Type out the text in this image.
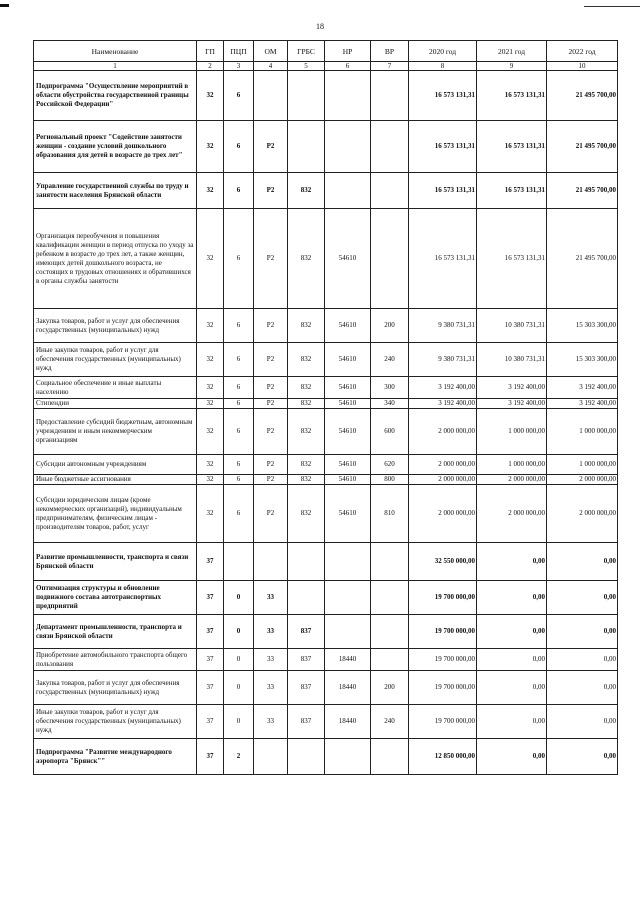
18
Наименование	ГП	ПЦП	ОМ	ГРБС	НР	ВР	2020 год	2021 год	2022 год
1	2	3	4	5	6	7	8	9	10
Подпрограмма "Осуществление мероприятий в области обустройства государственной границы Российской Федерации"	32	6					16 573 131,31	16 573 131,31	21 495 700,00
Региональный проект "Содействие занятости женщин - создание условий дошкольного образования для детей в возрасте до трех лет"	32	6	Р2				16 573 131,31	16 573 131,31	21 495 700,00
Управление государственной службы по труду и занятости населения Брянской области	32	6	Р2	832			16 573 131,31	16 573 131,31	21 495 700,00
Организация переобучения и повышения квалификации женщин в период отпуска по уходу за ребенком в возрасте до трех лет, а также женщин, имеющих детей дошкольного возраста, не состоящих в трудовых отношениях и обратившихся в органы службы занятости	32	6	Р2	832	54610		16 573 131,31	16 573 131,31	21 495 700,00
Закупка товаров, работ и услуг для обеспечения государственных (муниципальных) нужд	32	6	Р2	832	54610	200	9 380 731,31	10 380 731,31	15 303 300,00
Иные закупки товаров, работ и услуг для обеспечения государственных (муниципальных) нужд	32	6	Р2	832	54610	240	9 380 731,31	10 380 731,31	15 303 300,00
Социальное обеспечение и иные выплаты населению	32	6	Р2	832	54610	300	3 192 400,00	3 192 400,00	3 192 400,00
Стипендии	32	6	Р2	832	54610	340	3 192 400,00	3 192 400,00	3 192 400,00
Предоставление субсидий бюджетным, автономным учреждениям и иным некоммерческим организациям	32	6	Р2	832	54610	600	2 000 000,00	1 000 000,00	1 000 000,00
Субсидии автономным учреждениям	32	6	Р2	832	54610	620	2 000 000,00	1 000 000,00	1 000 000,00
Иные бюджетные ассигнования	32	6	Р2	832	54610	800	2 000 000,00	2 000 000,00	2 000 000,00
Субсидии юридическим лицам (кроме некоммерческих организаций), индивидуальным предпринимателям, физическим лицам - производителям товаров, работ, услуг	32	6	Р2	832	54610	810	2 000 000,00	2 000 000,00	2 000 000,00
Развитие промышленности, транспорта и связи Брянской области	37						32 550 000,00	0,00	0,00
Оптимизация структуры и обновление подвижного состава автотранспортных предприятий	37	0	33				19 700 000,00	0,00	0,00
Департамент промышленности, транспорта и связи Брянской области	37	0	33	837			19 700 000,00	0,00	0,00
Приобретение автомобильного транспорта общего пользования	37	0	33	837	18440		19 700 000,00	0,00	0,00
Закупка товаров, работ и услуг для обеспечения государственных (муниципальных) нужд	37	0	33	837	18440	200	19 700 000,00	0,00	0,00
Иные закупки товаров, работ и услуг для обеспечения государственных (муниципальных) нужд	37	0	33	837	18440	240	19 700 000,00	0,00	0,00
Подпрограмма "Развитие международного аэропорта "Брянск""	37	2					12 850 000,00	0,00	0,00
